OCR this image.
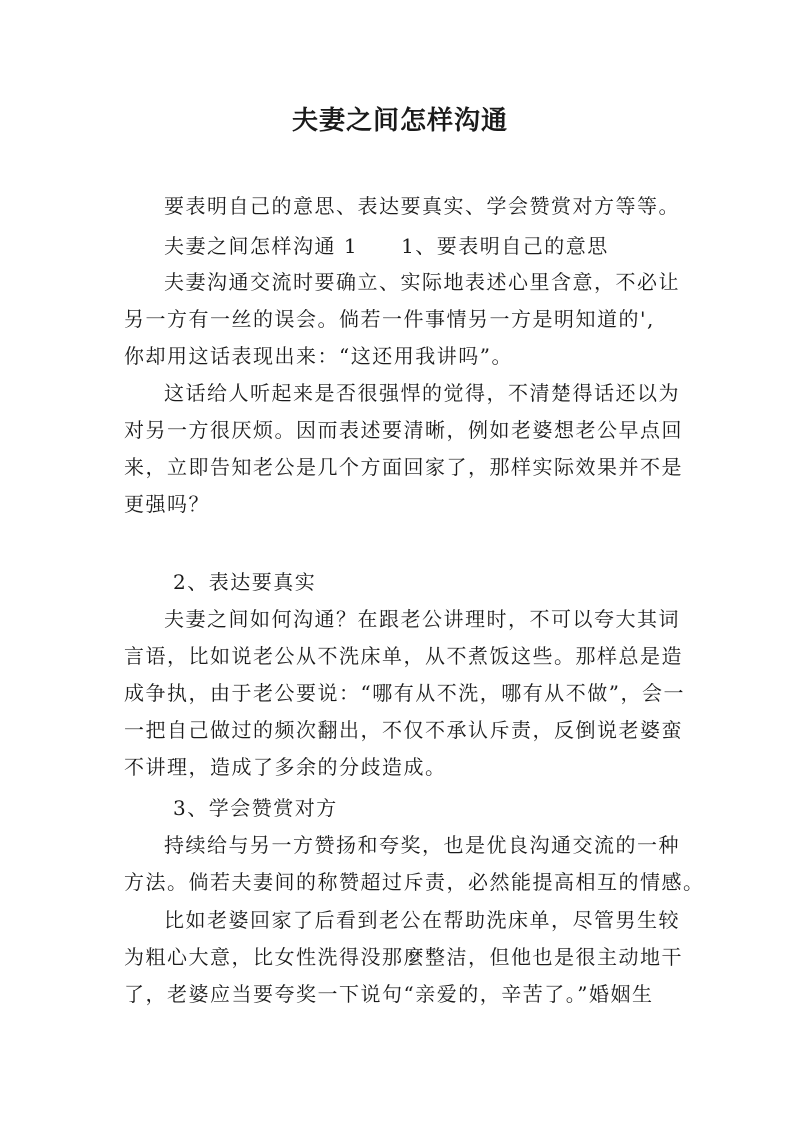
夫妻之间怎样沟通
要表明自己的意思、表达要真实、学会赞赏对方等等。
夫妻之间怎样沟通 1　　1、要表明自己的意思
夫妻沟通交流时要确立、实际地表述心里含意，不必让
另一方有一丝的误会。倘若一件事情另一方是明知道的',
你却用这话表现出来：“这还用我讲吗”。
这话给人听起来是否很强悍的觉得，不清楚得话还以为
对另一方很厌烦。因而表述要清晰，例如老婆想老公早点回
来，立即告知老公是几个方面回家了，那样实际效果并不是
更强吗？
2、表达要真实
夫妻之间如何沟通？在跟老公讲理时，不可以夸大其词
言语，比如说老公从不洗床单，从不煮饭这些。那样总是造
成争执，由于老公要说：“哪有从不洗，哪有从不做”，会一
一把自己做过的频次翻出，不仅不承认斥责，反倒说老婆蛮
不讲理，造成了多余的分歧造成。
3、学会赞赏对方
持续给与另一方赞扬和夸奖，也是优良沟通交流的一种
方法。倘若夫妻间的称赞超过斥责，必然能提高相互的情感。
比如老婆回家了后看到老公在帮助洗床单，尽管男生较
为粗心大意，比女性洗得没那麼整洁，但他也是很主动地干
了，老婆应当要夸奖一下说句“亲爱的，辛苦了。”婚姻生
